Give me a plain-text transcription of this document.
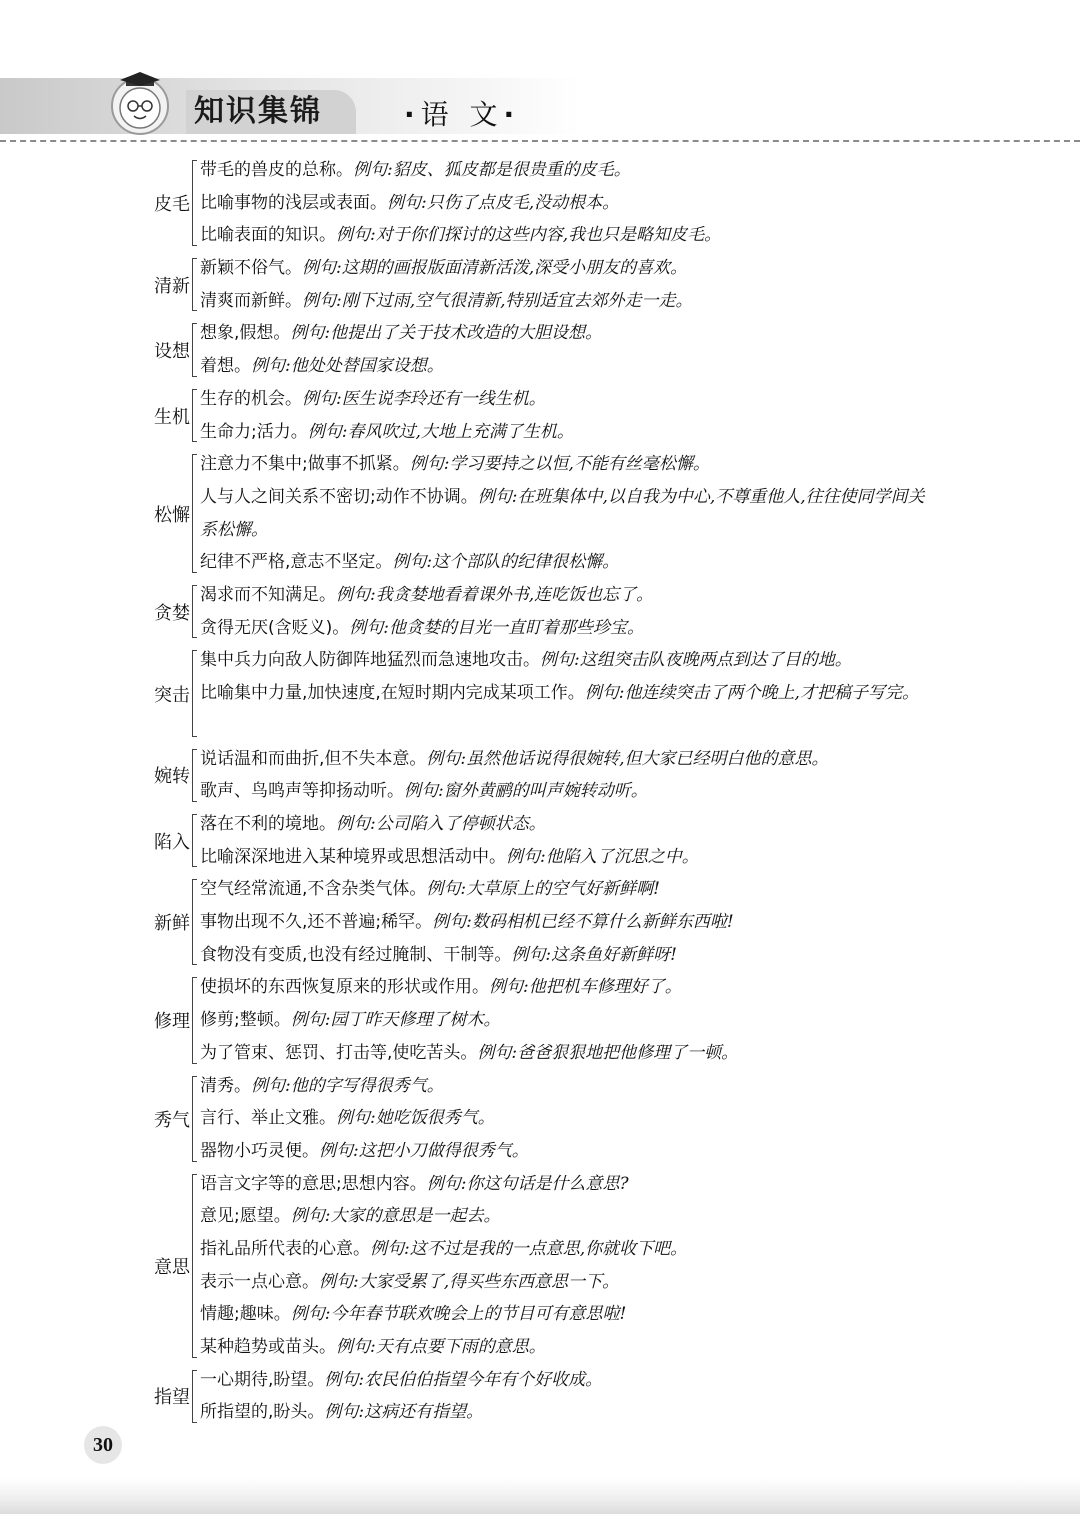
知识集锦	·语 文·
皮毛
带毛的兽皮的总称。例句:貂皮、狐皮都是很贵重的皮毛。
比喻事物的浅层或表面。例句:只伤了点皮毛,没动根本。
比喻表面的知识。例句:对于你们探讨的这些内容,我也只是略知皮毛。
清新
新颖不俗气。例句:这期的画报版面清新活泼,深受小朋友的喜欢。
清爽而新鲜。例句:刚下过雨,空气很清新,特别适宜去郊外走一走。
设想
想象,假想。例句:他提出了关于技术改造的大胆设想。
着想。例句:他处处替国家设想。
生机
生存的机会。例句:医生说李玲还有一线生机。
生命力;活力。例句:春风吹过,大地上充满了生机。
松懈
注意力不集中;做事不抓紧。例句:学习要持之以恒,不能有丝毫松懈。
人与人之间关系不密切;动作不协调。例句:在班集体中,以自我为中心,不尊重他人,往往使同学间关系松懈。
纪律不严格,意志不坚定。例句:这个部队的纪律很松懈。
贪婪
渴求而不知满足。例句:我贪婪地看着课外书,连吃饭也忘了。
贪得无厌(含贬义)。例句:他贪婪的目光一直盯着那些珍宝。
突击
集中兵力向敌人防御阵地猛烈而急速地攻击。例句:这组突击队夜晚两点到达了目的地。
比喻集中力量,加快速度,在短时期内完成某项工作。例句:他连续突击了两个晚上,才把稿子写完。
婉转
说话温和而曲折,但不失本意。例句:虽然他话说得很婉转,但大家已经明白他的意思。
歌声、鸟鸣声等抑扬动听。例句:窗外黄鹂的叫声婉转动听。
陷入
落在不利的境地。例句:公司陷入了停顿状态。
比喻深深地进入某种境界或思想活动中。例句:他陷入了沉思之中。
新鲜
空气经常流通,不含杂类气体。例句:大草原上的空气好新鲜啊!
事物出现不久,还不普遍;稀罕。例句:数码相机已经不算什么新鲜东西啦!
食物没有变质,也没有经过腌制、干制等。例句:这条鱼好新鲜呀!
修理
使损坏的东西恢复原来的形状或作用。例句:他把机车修理好了。
修剪;整顿。例句:园丁昨天修理了树木。
为了管束、惩罚、打击等,使吃苦头。例句:爸爸狠狠地把他修理了一顿。
秀气
清秀。例句:他的字写得很秀气。
言行、举止文雅。例句:她吃饭很秀气。
器物小巧灵便。例句:这把小刀做得很秀气。
意思
语言文字等的意思;思想内容。例句:你这句话是什么意思?
意见;愿望。例句:大家的意思是一起去。
指礼品所代表的心意。例句:这不过是我的一点意思,你就收下吧。
表示一点心意。例句:大家受累了,得买些东西意思一下。
情趣;趣味。例句:今年春节联欢晚会上的节目可有意思啦!
某种趋势或苗头。例句:天有点要下雨的意思。
指望
一心期待,盼望。例句:农民伯伯指望今年有个好收成。
所指望的,盼头。例句:这病还有指望。
30
